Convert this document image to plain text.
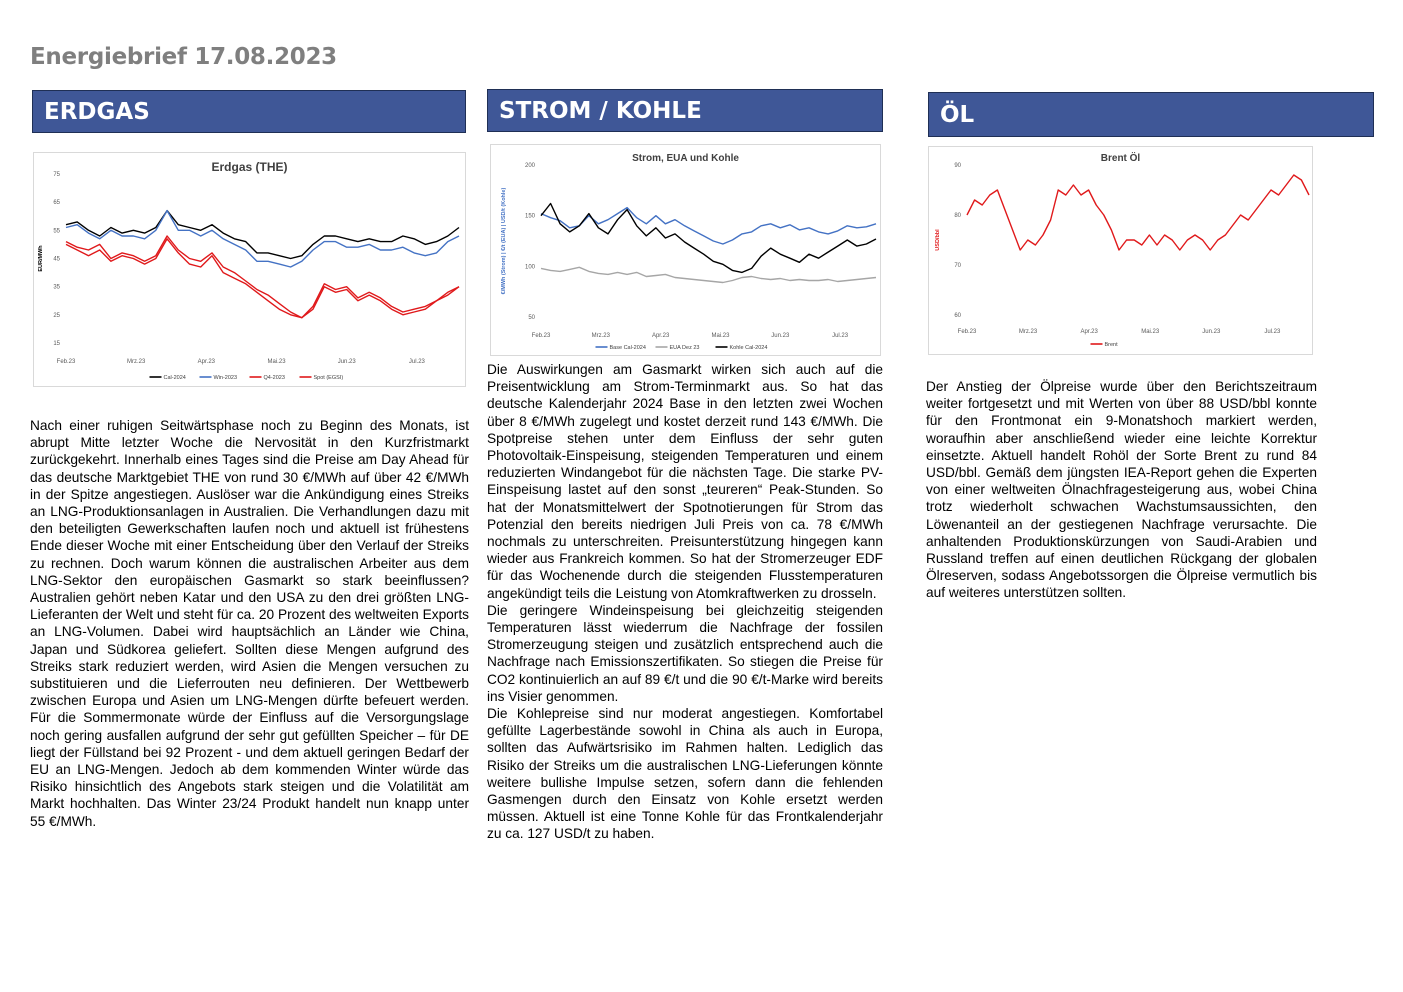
Energiebrief 17.08.2023
ERDGAS
Erdgas (THE)
75
65
55
45
35
25
15
EUR/MWh
Feb.23	Mrz.23	Apr.23	Mai.23	Jun.23	Jul.23
Cal-2024	Win-2023	Q4-2023	Spot (EGSI)

Nach einer ruhigen Seitwärtsphase noch zu Beginn des Monats, ist abrupt Mitte letzter Woche die Nervosität in den Kurzfristmarkt zurückgekehrt. Innerhalb eines Tages sind die Preise am Day Ahead für das deutsche Marktgebiet THE von rund 30 €/MWh auf über 42 €/MWh in der Spitze angestiegen. Auslöser war die Ankündigung eines Streiks an LNG-Produktionsanlagen in Australien. Die Verhandlungen dazu mit den beteiligten Gewerkschaften laufen noch und aktuell ist frühestens Ende dieser Woche mit einer Entscheidung über den Verlauf der Streiks zu rechnen. Doch warum können die australischen Arbeiter aus dem LNG-Sektor den europäischen Gasmarkt so stark beeinflussen? Australien gehört neben Katar und den USA zu den drei größten LNG-Lieferanten der Welt und steht für ca. 20 Prozent des weltweiten Exports an LNG-Volumen. Dabei wird hauptsächlich an Länder wie China, Japan und Südkorea geliefert. Sollten diese Mengen aufgrund des Streiks stark reduziert werden, wird Asien die Mengen versuchen zu substituieren und die Lieferrouten neu definieren. Der Wettbewerb zwischen Europa und Asien um LNG-Mengen dürfte befeuert werden. Für die Sommermonate würde der Einfluss auf die Versorgungslage noch gering ausfallen aufgrund der sehr gut gefüllten Speicher – für DE liegt der Füllstand bei 92 Prozent - und dem aktuell geringen Bedarf der EU an LNG-Mengen. Jedoch ab dem kommenden Winter würde das Risiko hinsichtlich des Angebots stark steigen und die Volatilität am Markt hochhalten. Das Winter 23/24 Produkt handelt nun knapp unter 55 €/MWh.

STROM / KOHLE
Strom, EUA und Kohle
200
150
100
50
€/MWh (Strom) | €/t (EUA) | USD/t (Kohle)
Feb.23	Mrz.23	Apr.23	Mai.23	Jun.23	Jul.23
Base Cal-2024	EUA Dez 23	Kohle Cal-2024

Die Auswirkungen am Gasmarkt wirken sich auch auf die Preisentwicklung am Strom-Terminmarkt aus. So hat das deutsche Kalenderjahr 2024 Base in den letzten zwei Wochen über 8 €/MWh zugelegt und kostet derzeit rund 143 €/MWh. Die Spotpreise stehen unter dem Einfluss der sehr guten Photovoltaik-Einspeisung, steigenden Temperaturen und einem reduzierten Windangebot für die nächsten Tage. Die starke PV-Einspeisung lastet auf den sonst „teureren“ Peak-Stunden. So hat der Monatsmittelwert der Spotnotierungen für Strom das Potenzial den bereits niedrigen Juli Preis von ca. 78 €/MWh nochmals zu unterschreiten. Preisunterstützung hingegen kann wieder aus Frankreich kommen. So hat der Stromerzeuger EDF für das Wochenende durch die steigenden Flusstemperaturen angekündigt teils die Leistung von Atomkraftwerken zu drosseln.

Die geringere Windeinspeisung bei gleichzeitig steigenden Temperaturen lässt wiederrum die Nachfrage der fossilen Stromerzeugung steigen und zusätzlich entsprechend auch die Nachfrage nach Emissionszertifikaten. So stiegen die Preise für CO2 kontinuierlich an auf 89 €/t und die 90 €/t-Marke wird bereits ins Visier genommen.

Die Kohlepreise sind nur moderat angestiegen. Komfortabel gefüllte Lagerbestände sowohl in China als auch in Europa, sollten das Aufwärtsrisiko im Rahmen halten. Lediglich das Risiko der Streiks um die australischen LNG-Lieferungen könnte weitere bullishe Impulse setzen, sofern dann die fehlenden Gasmengen durch den Einsatz von Kohle ersetzt werden müssen. Aktuell ist eine Tonne Kohle für das Frontkalenderjahr zu ca. 127 USD/t zu haben.

ÖL
Brent Öl
90
80
70
60
USD/bbl
Feb.23	Mrz.23	Apr.23	Mai.23	Jun.23	Jul.23
Brent

Der Anstieg der Ölpreise wurde über den Berichtszeitraum weiter fortgesetzt und mit Werten von über 88 USD/bbl konnte für den Frontmonat ein 9-Monatshoch markiert werden, woraufhin aber anschließend wieder eine leichte Korrektur einsetzte. Aktuell handelt Rohöl der Sorte Brent zu rund 84 USD/bbl. Gemäß dem jüngsten IEA-Report gehen die Experten von einer weltweiten Ölnachfragesteigerung aus, wobei China trotz wiederholt schwachen Wachstumsaussichten, den Löwenanteil an der gestiegenen Nachfrage verursachte. Die anhaltenden Produktionskürzungen von Saudi-Arabien und Russland treffen auf einen deutlichen Rückgang der globalen Ölreserven, sodass Angebotssorgen die Ölpreise vermutlich bis auf weiteres unterstützen sollten.
